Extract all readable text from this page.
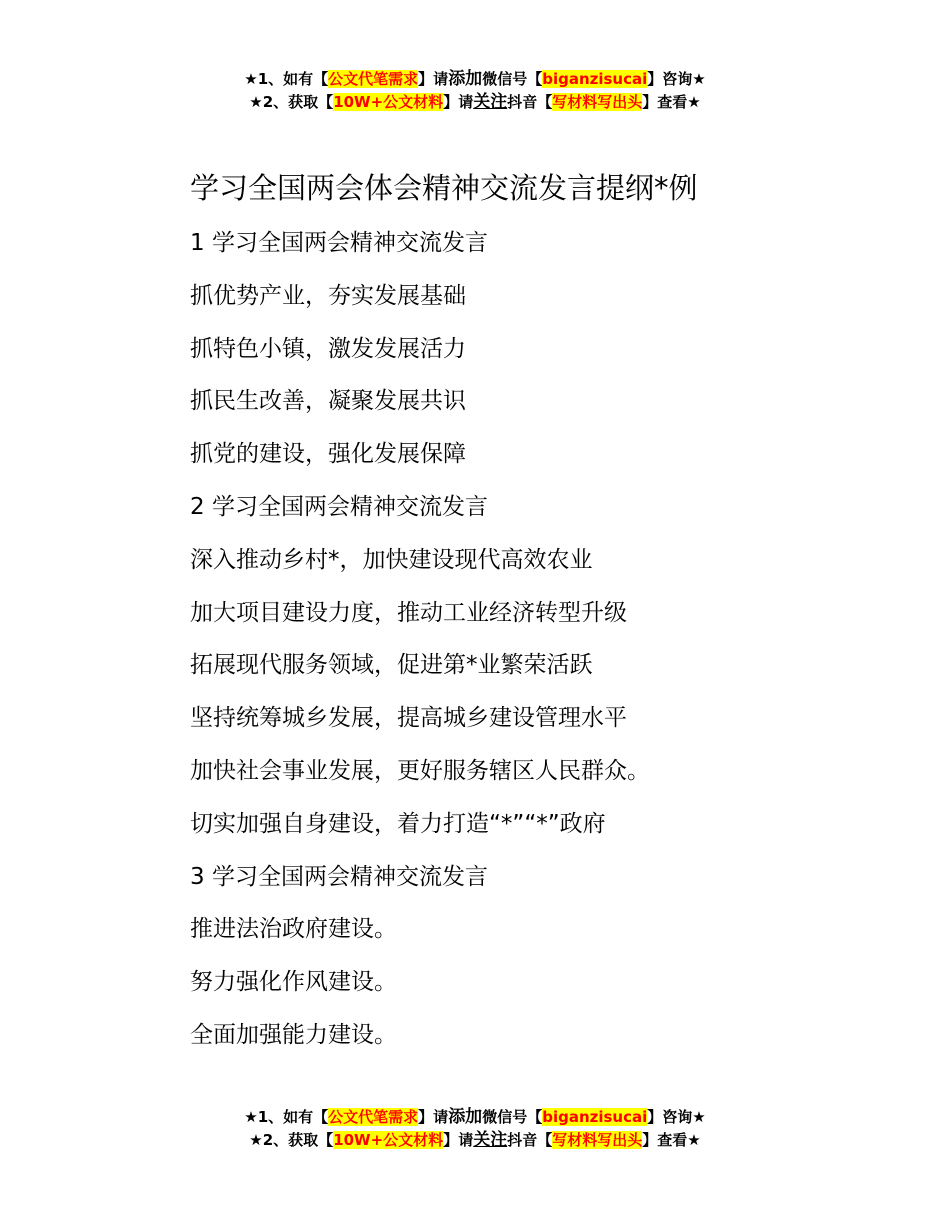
★1、如有【公文代笔需求】请添加微信号【biganzisucai】咨询★
★2、获取【10W+公文材料】请关注抖音【写材料写出头】查看★
学习全国两会体会精神交流发言提纲*例
1 学习全国两会精神交流发言
抓优势产业，夯实发展基础
抓特色小镇，激发发展活力
抓民生改善，凝聚发展共识
抓党的建设，强化发展保障
2 学习全国两会精神交流发言
深入推动乡村*，加快建设现代高效农业
加大项目建设力度，推动工业经济转型升级
拓展现代服务领域，促进第*业繁荣活跃
坚持统筹城乡发展，提高城乡建设管理水平
加快社会事业发展，更好服务辖区人民群众。
切实加强自身建设，着力打造“*”“*”政府
3 学习全国两会精神交流发言
推进法治政府建设。
努力强化作风建设。
全面加强能力建设。
★1、如有【公文代笔需求】请添加微信号【biganzisucai】咨询★
★2、获取【10W+公文材料】请关注抖音【写材料写出头】查看★
